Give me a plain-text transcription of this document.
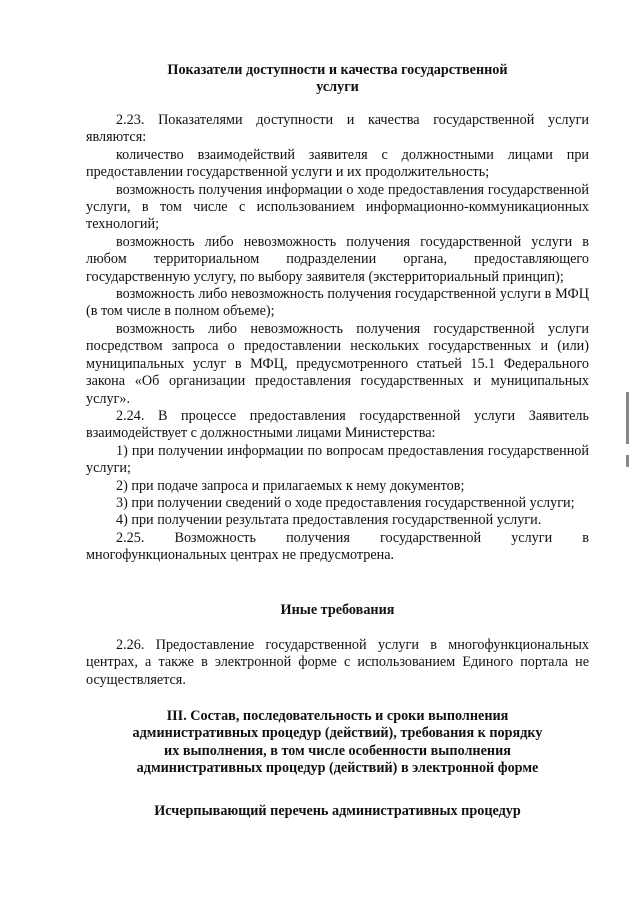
Показатели доступности и качества государственной
услуги
2.23. Показателями доступности и качества государственной услуги являются:
количество взаимодействий заявителя с должностными лицами при предоставлении государственной услуги и их продолжительность;
возможность получения информации о ходе предоставления государственной услуги, в том числе с использованием информационно-коммуникационных технологий;
возможность либо невозможность получения государственной услуги в любом территориальном подразделении органа, предоставляющего государственную услугу, по выбору заявителя (экстерриториальный принцип);
возможность либо невозможность получения государственной услуги в МФЦ (в том числе в полном объеме);
возможность либо невозможность получения государственной услуги посредством запроса о предоставлении нескольких государственных и (или) муниципальных услуг в МФЦ, предусмотренного статьей 15.1 Федерального закона «Об организации предоставления государственных и муниципальных услуг».
2.24. В процессе предоставления государственной услуги Заявитель взаимодействует с должностными лицами Министерства:
1) при получении информации по вопросам предоставления государственной услуги;
2) при подаче запроса и прилагаемых к нему документов;
3) при получении сведений о ходе предоставления государственной услуги;
4) при получении результата предоставления государственной услуги.
2.25. Возможность получения государственной услуги в многофункциональных центрах не предусмотрена.
Иные требования
2.26. Предоставление государственной услуги в многофункциональных центрах, а также в электронной форме с использованием Единого портала не осуществляется.
III. Состав, последовательность и сроки выполнения
административных процедур (действий), требования к порядку
их выполнения, в том числе особенности выполнения
административных процедур (действий) в электронной форме
Исчерпывающий перечень административных процедур
